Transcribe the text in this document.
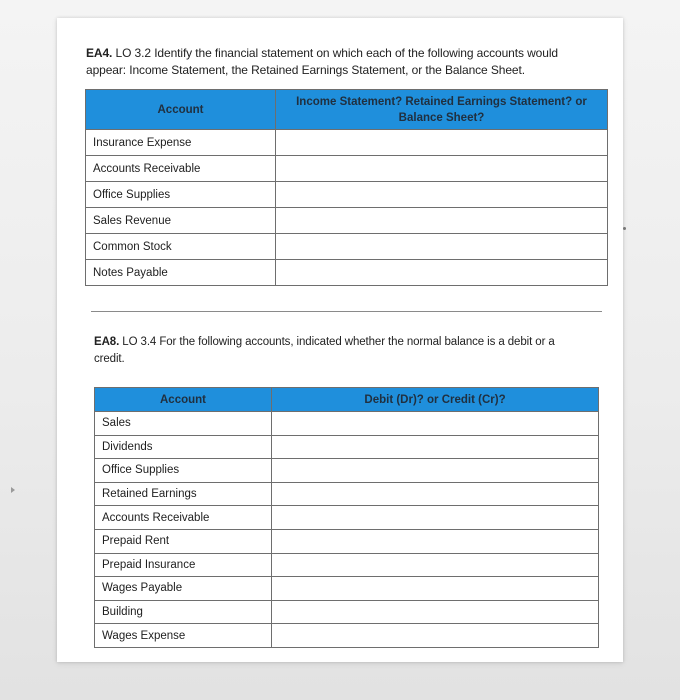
EA4. LO 3.2 Identify the financial statement on which each of the following accounts would
appear: Income Statement, the Retained Earnings Statement, or the Balance Sheet.
Account	Income Statement? Retained Earnings Statement? or
Balance Sheet?

Insurance Expense	
Accounts Receivable	
Office Supplies	
Sales Revenue	
Common Stock	
Notes Payable	
EA8. LO 3.4 For the following accounts, indicated whether the normal balance is a debit or a
credit.
Account	Debit (Dr)? or Credit (Cr)?
Sales	
Dividends	
Office Supplies	
Retained Earnings	
Accounts Receivable	
Prepaid Rent	
Prepaid Insurance	
Wages Payable	
Building	
Wages Expense	
